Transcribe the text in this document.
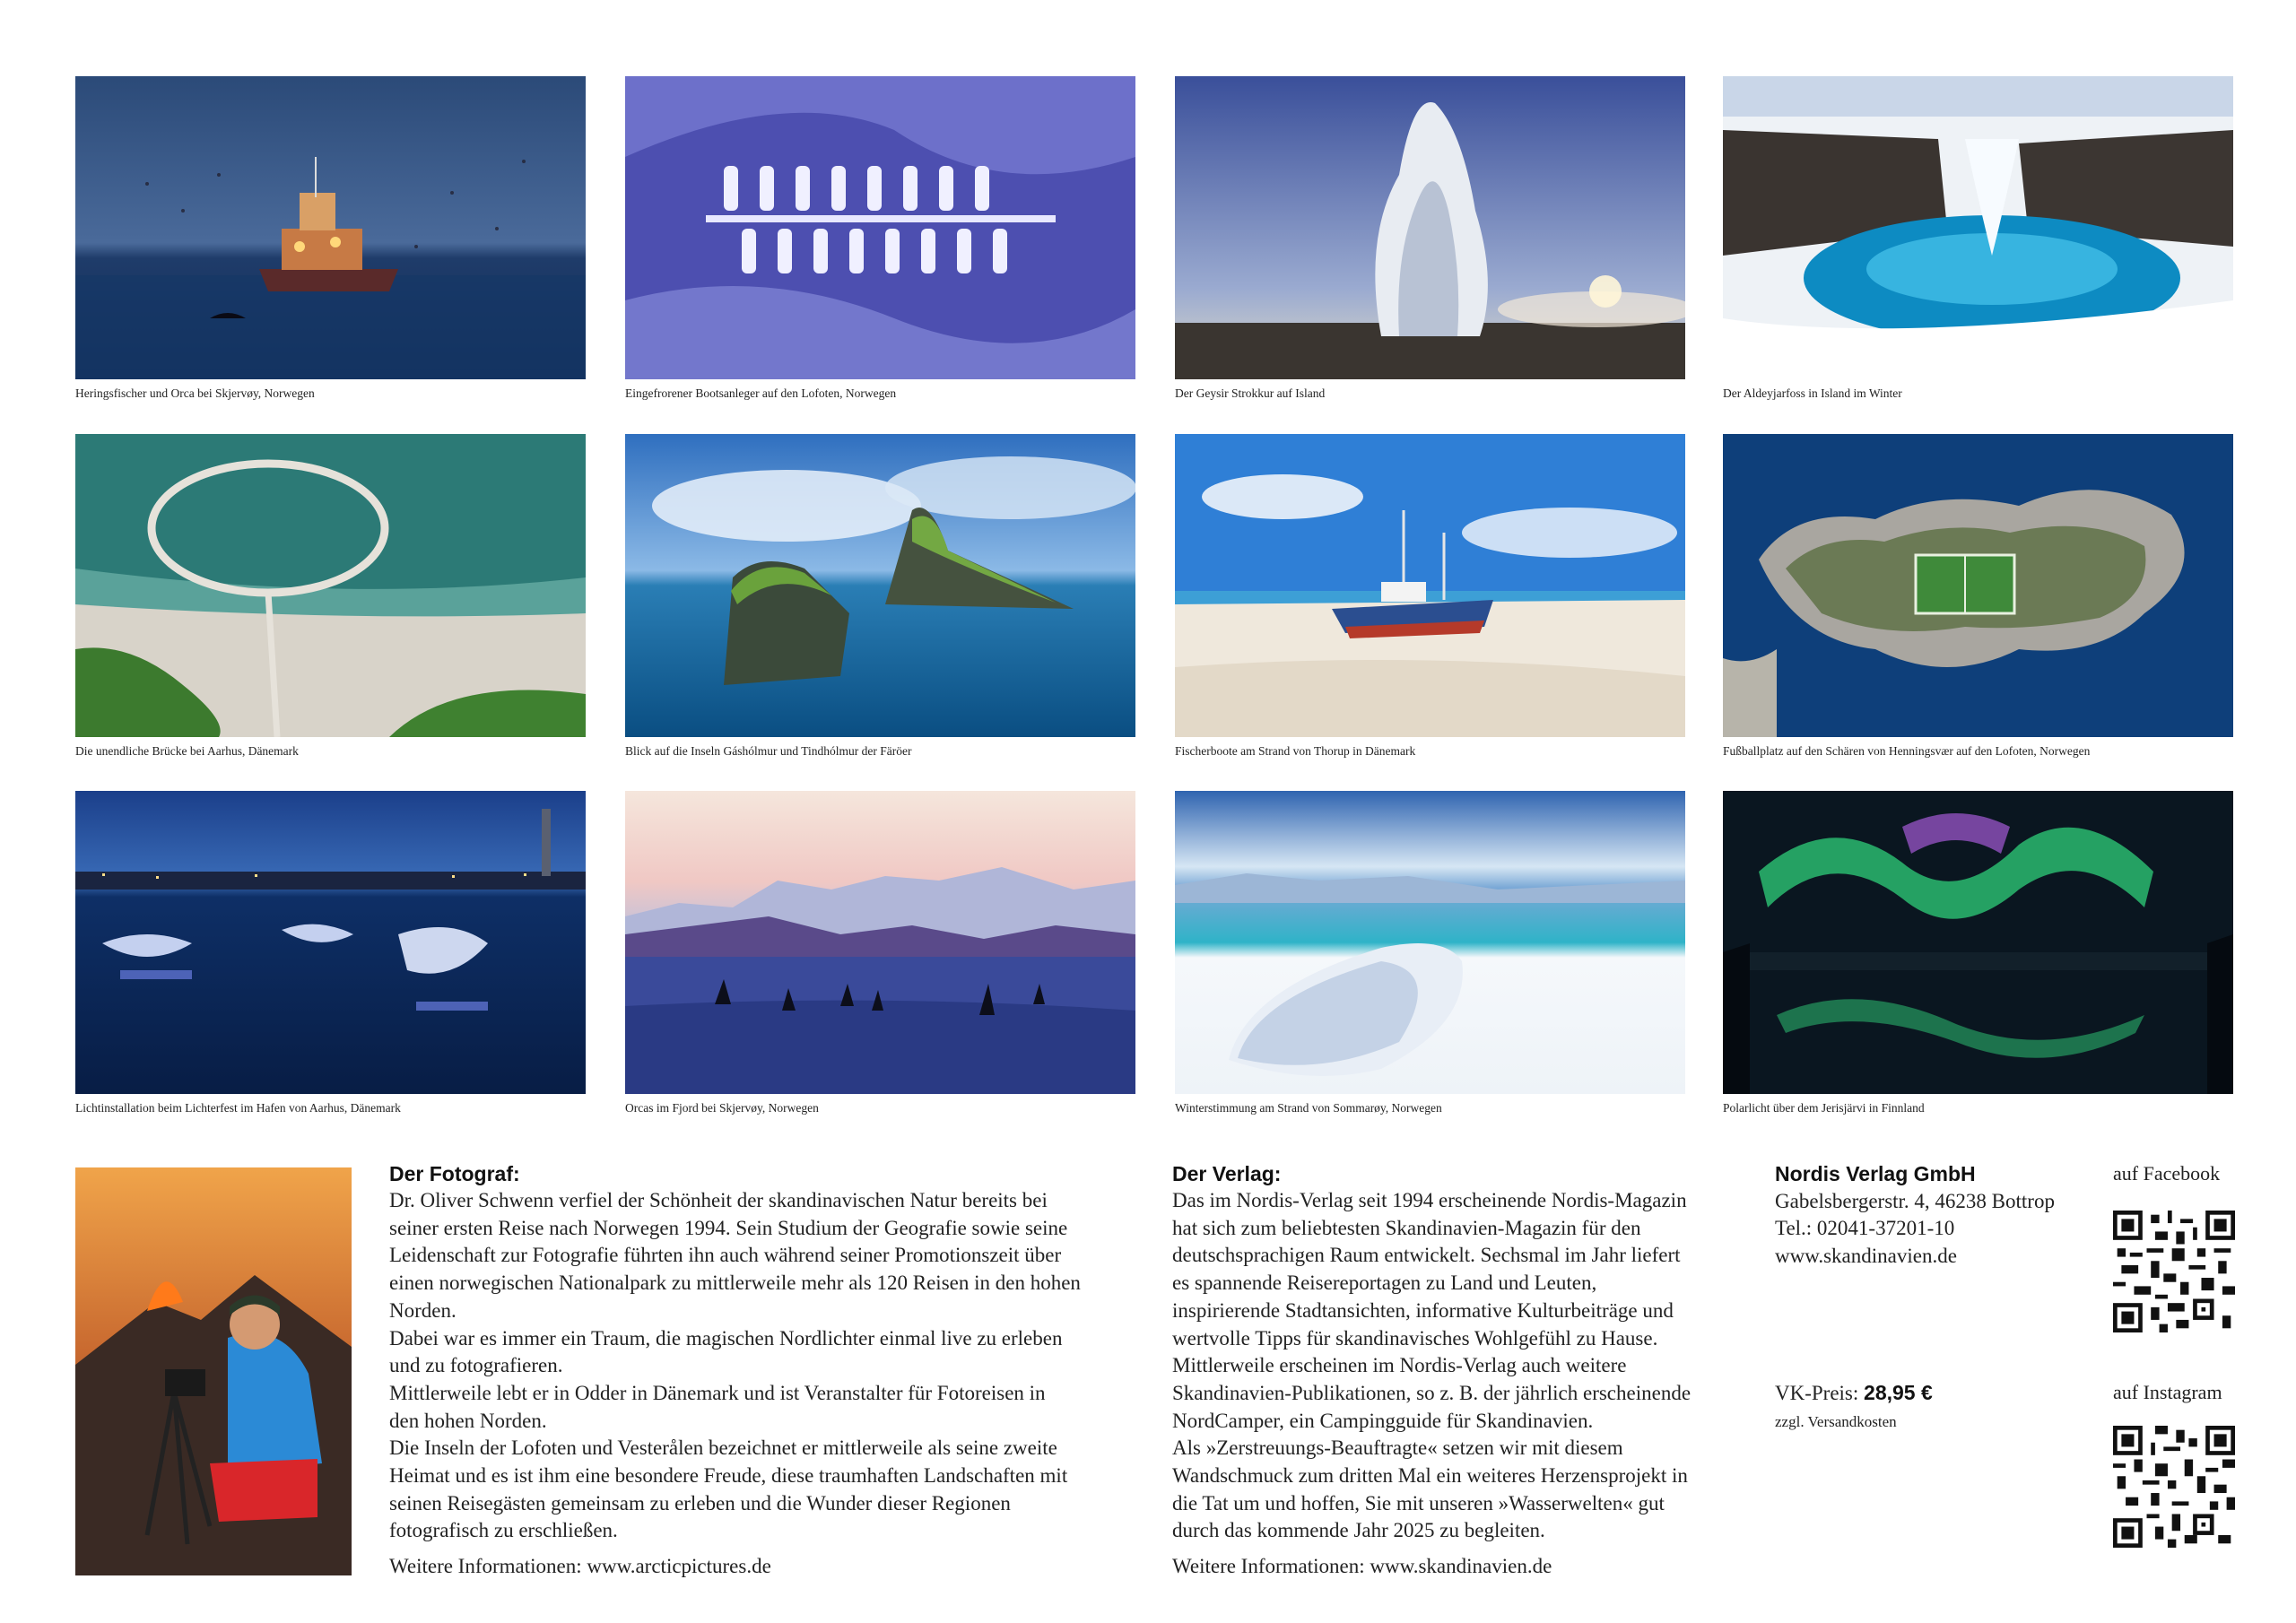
Heringsfischer und Orca bei Skjervøy, Norwegen	Eingefrorener Bootsanleger auf den Lofoten, Norwegen	Der Geysir Strokkur auf Island	Der Aldeyjarfoss in Island im Winter
Die unendliche Brücke bei Aarhus, Dänemark	Blick auf die Inseln Gáshólmur und Tindhólmur der Färöer	Fischerboote am Strand von Thorup in Dänemark	Fußballplatz auf den Schären von Henningsvær auf den Lofoten, Norwegen
Lichtinstallation beim Lichterfest im Hafen von Aarhus, Dänemark	Orcas im Fjord bei Skjervøy, Norwegen	Winterstimmung am Strand von Sommarøy, Norwegen	Polarlicht über dem Jerisjärvi in Finnland
Der Fotograf:

Dr. Oliver Schwenn verfiel der Schönheit der skandinavischen Natur bereits bei

seiner ersten Reise nach Norwegen 1994. Sein Studium der Geografie sowie seine

Leidenschaft zur Fotografie führten ihn auch während seiner Promotionszeit über

einen norwegischen Nationalpark zu mittlerweile mehr als 120 Reisen in den hohen

Norden.

Dabei war es immer ein Traum, die magischen Nordlichter einmal live zu erleben

und zu fotografieren.

Mittlerweile lebt er in Odder in Dänemark und ist Veranstalter für Fotoreisen in

den hohen Norden.

Die Inseln der Lofoten und Vesterålen bezeichnet er mittlerweile als seine zweite

Heimat und es ist ihm eine besondere Freude, diese traumhaften Landschaften mit

seinen Reisegästen gemeinsam zu erleben und die Wunder dieser Regionen

fotografisch zu erschließen.

Weitere Informationen: www.arcticpictures.de
Der Verlag:

Das im Nordis-Verlag seit 1994 erscheinende Nordis-Magazin

hat sich zum beliebtesten Skandinavien-Magazin für den

deutschsprachigen Raum entwickelt. Sechsmal im Jahr liefert

es spannende Reisereportagen zu Land und Leuten,

inspirierende Stadtansichten, informative Kulturbeiträge und

wertvolle Tipps für skandinavisches Wohlgefühl zu Hause.

Mittlerweile erscheinen im Nordis-Verlag auch weitere

Skandinavien-Publikationen, so z. B. der jährlich erscheinende

NordCamper, ein Campingguide für Skandinavien.

Als »Zerstreuungs-Beauftragte« setzen wir mit diesem

Wandschmuck zum dritten Mal ein weiteres Herzensprojekt in

die Tat um und hoffen, Sie mit unseren »Wasserwelten« gut

durch das kommende Jahr 2025 zu begleiten.

Weitere Informationen: www.skandinavien.de
Nordis Verlag GmbH
Gabelsbergerstr. 4, 46238 Bottrop
Tel.: 02041-37201-10
www.skandinavien.de
VK-Preis: 28,95 €
zzgl. Versandkosten
auf Facebook
auf Instagram
